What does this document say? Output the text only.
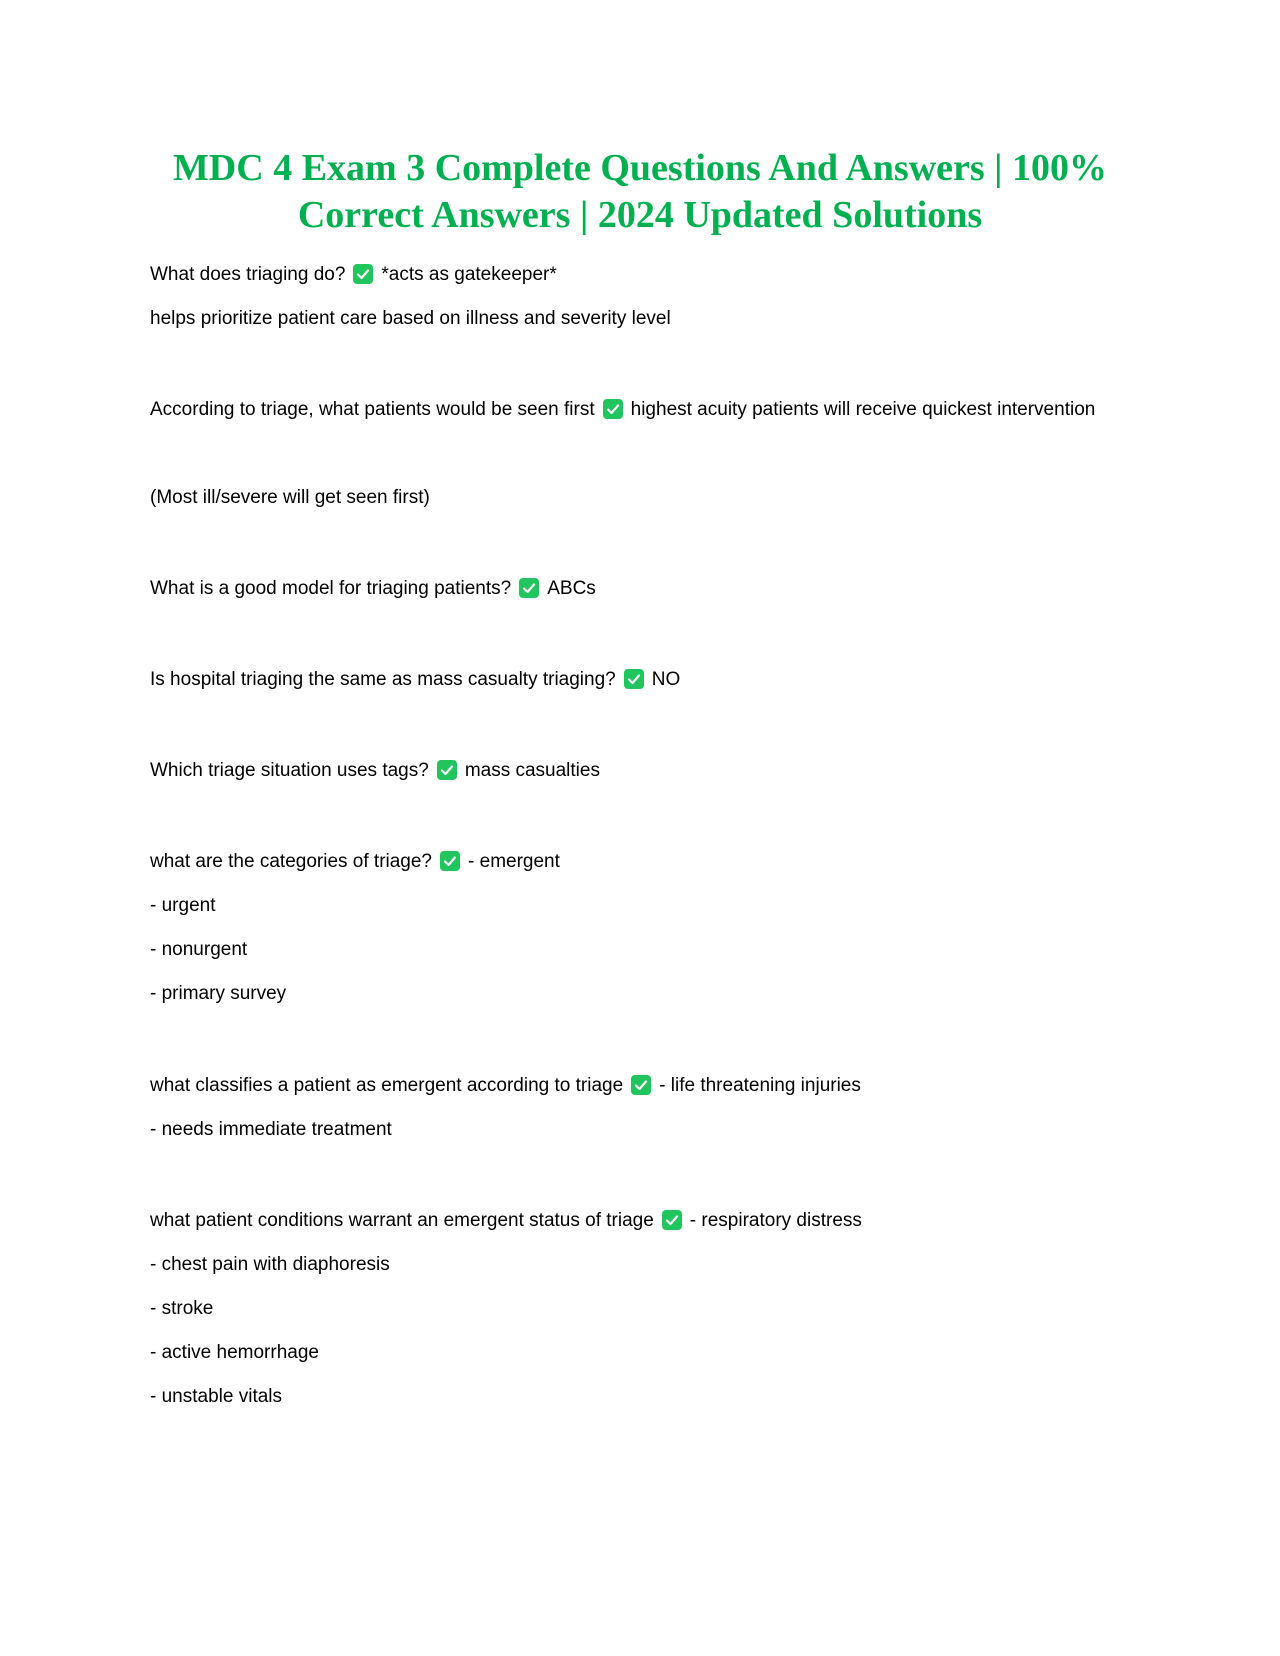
MDC 4 Exam 3 Complete Questions And Answers | 100% Correct Answers | 2024 Updated Solutions
What does triaging do? *acts as gatekeeper*
helps prioritize patient care based on illness and severity level
According to triage, what patients would be seen first highest acuity patients will receive quickest intervention
(Most ill/severe will get seen first)
What is a good model for triaging patients? ABCs
Is hospital triaging the same as mass casualty triaging? NO
Which triage situation uses tags? mass casualties
what are the categories of triage? - emergent
- urgent
- nonurgent
- primary survey
what classifies a patient as emergent according to triage - life threatening injuries
- needs immediate treatment
what patient conditions warrant an emergent status of triage - respiratory distress
- chest pain with diaphoresis
- stroke
- active hemorrhage
- unstable vitals
